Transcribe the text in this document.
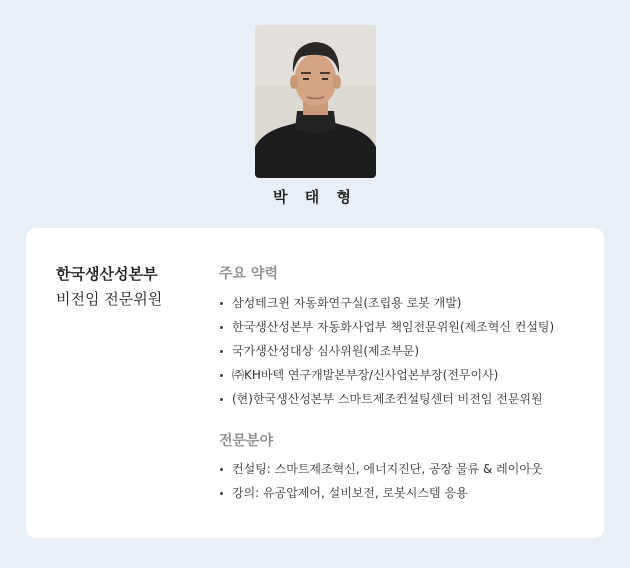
박 태 형
한국생산성본부
비전임 전문위원
주요 약력
삼성테크윈 자동화연구실(조립용 로봇 개발)
한국생산성본부 자동화사업부 책임전문위원(제조혁신 컨설팅)
국가생산성대상 심사위원(제조부문)
㈜KH바텍 연구개발본부장/신사업본부장(전무이사)
(현)한국생산성본부 스마트제조컨설팅센터 비전임 전문위원
전문분야
컨설팅: 스마트제조혁신, 에너지진단, 공장 물류 & 레이아웃
강의: 유공압제어, 설비보전, 로봇시스템 응용
